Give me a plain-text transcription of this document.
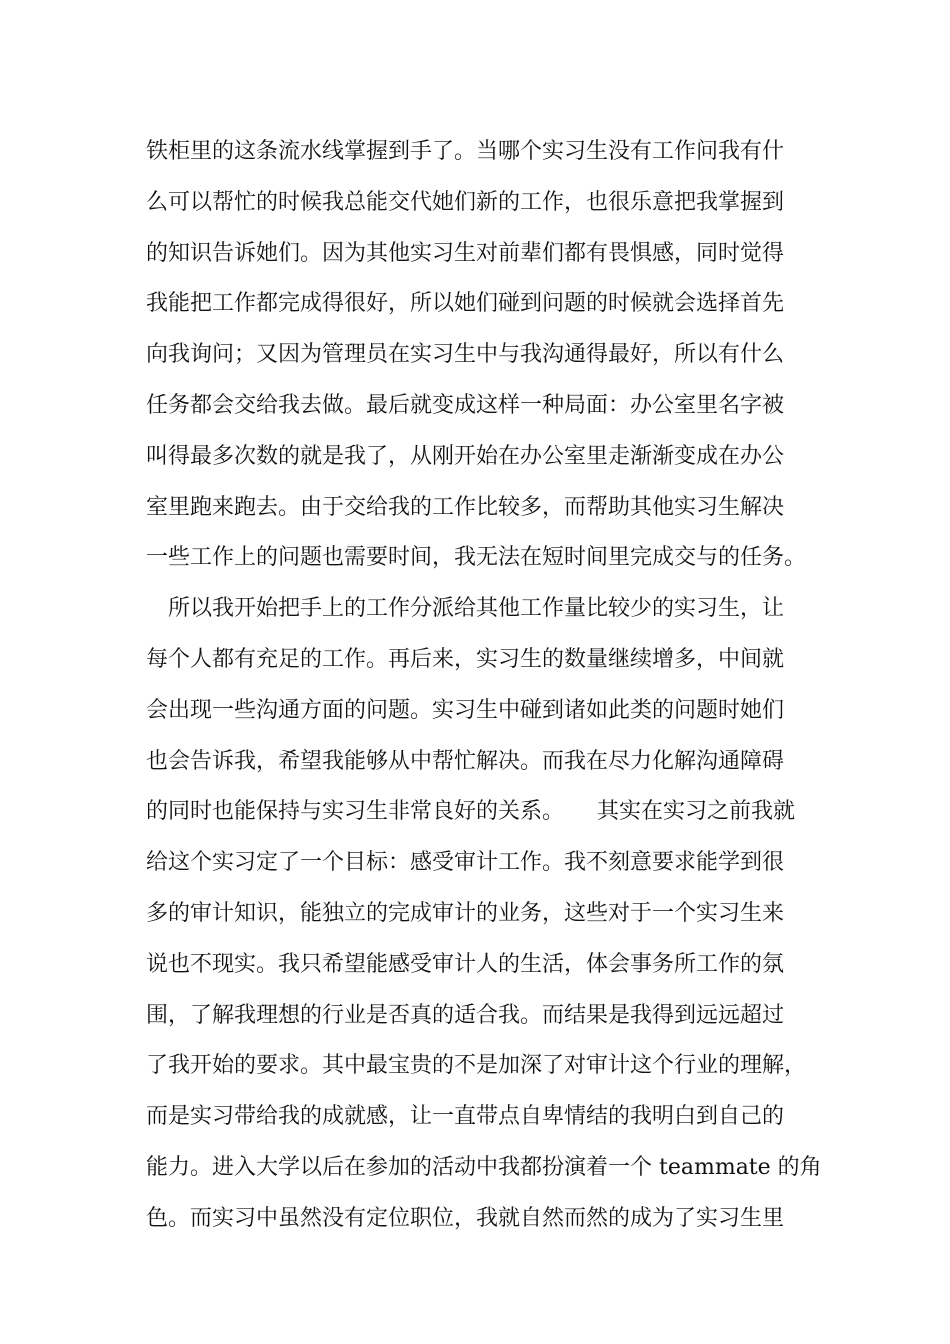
铁柜里的这条流水线掌握到手了。当哪个实习生没有工作问我有什
么可以帮忙的时候我总能交代她们新的工作，也很乐意把我掌握到
的知识告诉她们。因为其他实习生对前辈们都有畏惧感，同时觉得
我能把工作都完成得很好，所以她们碰到问题的时候就会选择首先
向我询问；又因为管理员在实习生中与我沟通得最好，所以有什么
任务都会交给我去做。最后就变成这样一种局面：办公室里名字被
叫得最多次数的就是我了，从刚开始在办公室里走渐渐变成在办公
室里跑来跑去。由于交给我的工作比较多，而帮助其他实习生解决
一些工作上的问题也需要时间，我无法在短时间里完成交与的任务。
　所以我开始把手上的工作分派给其他工作量比较少的实习生，让
每个人都有充足的工作。再后来，实习生的数量继续增多，中间就
会出现一些沟通方面的问题。实习生中碰到诸如此类的问题时她们
也会告诉我，希望我能够从中帮忙解决。而我在尽力化解沟通障碍
的同时也能保持与实习生非常良好的关系。　　其实在实习之前我就
给这个实习定了一个目标：感受审计工作。我不刻意要求能学到很
多的审计知识，能独立的完成审计的业务，这些对于一个实习生来
说也不现实。我只希望能感受审计人的生活，体会事务所工作的氛
围，了解我理想的行业是否真的适合我。而结果是我得到远远超过
了我开始的要求。其中最宝贵的不是加深了对审计这个行业的理解，
而是实习带给我的成就感，让一直带点自卑情结的我明白到自己的
能力。进入大学以后在参加的活动中我都扮演着一个 teammate 的角
色。而实习中虽然没有定位职位，我就自然而然的成为了实习生里
